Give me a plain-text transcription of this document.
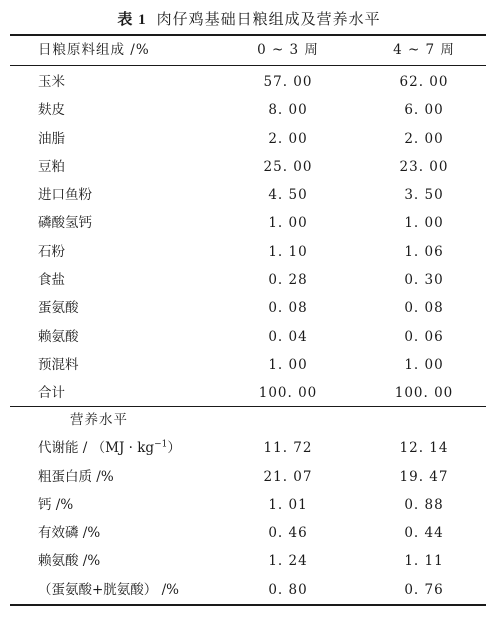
表 1 肉仔鸡基础日粮组成及营养水平
日粮原料组成 /%	0 ~ 3 周	4 ~ 7 周
玉米	57. 00	62. 00
麸皮	8. 00	6. 00
油脂	2. 00	2. 00
豆粕	25. 00	23. 00
进口鱼粉	4. 50	3. 50
磷酸氢钙	1. 00	1. 00
石粉	1. 10	1. 06
食盐	0. 28	0. 30
蛋氨酸	0. 08	0. 08
赖氨酸	0. 04	0. 06
预混料	1. 00	1. 00
合计	100. 00	100. 00
营养水平
代谢能 / $(MJ \cdot kg^{-1})$	11. 72	12. 14
粗蛋白质 /%	21. 07	19. 47
钙 /%	1. 01	0. 88
有效磷 /%	0. 46	0. 44
赖氨酸 /%	1. 24	1. 11
（蛋氨酸+胱氨酸） /%	0. 80	0. 76
